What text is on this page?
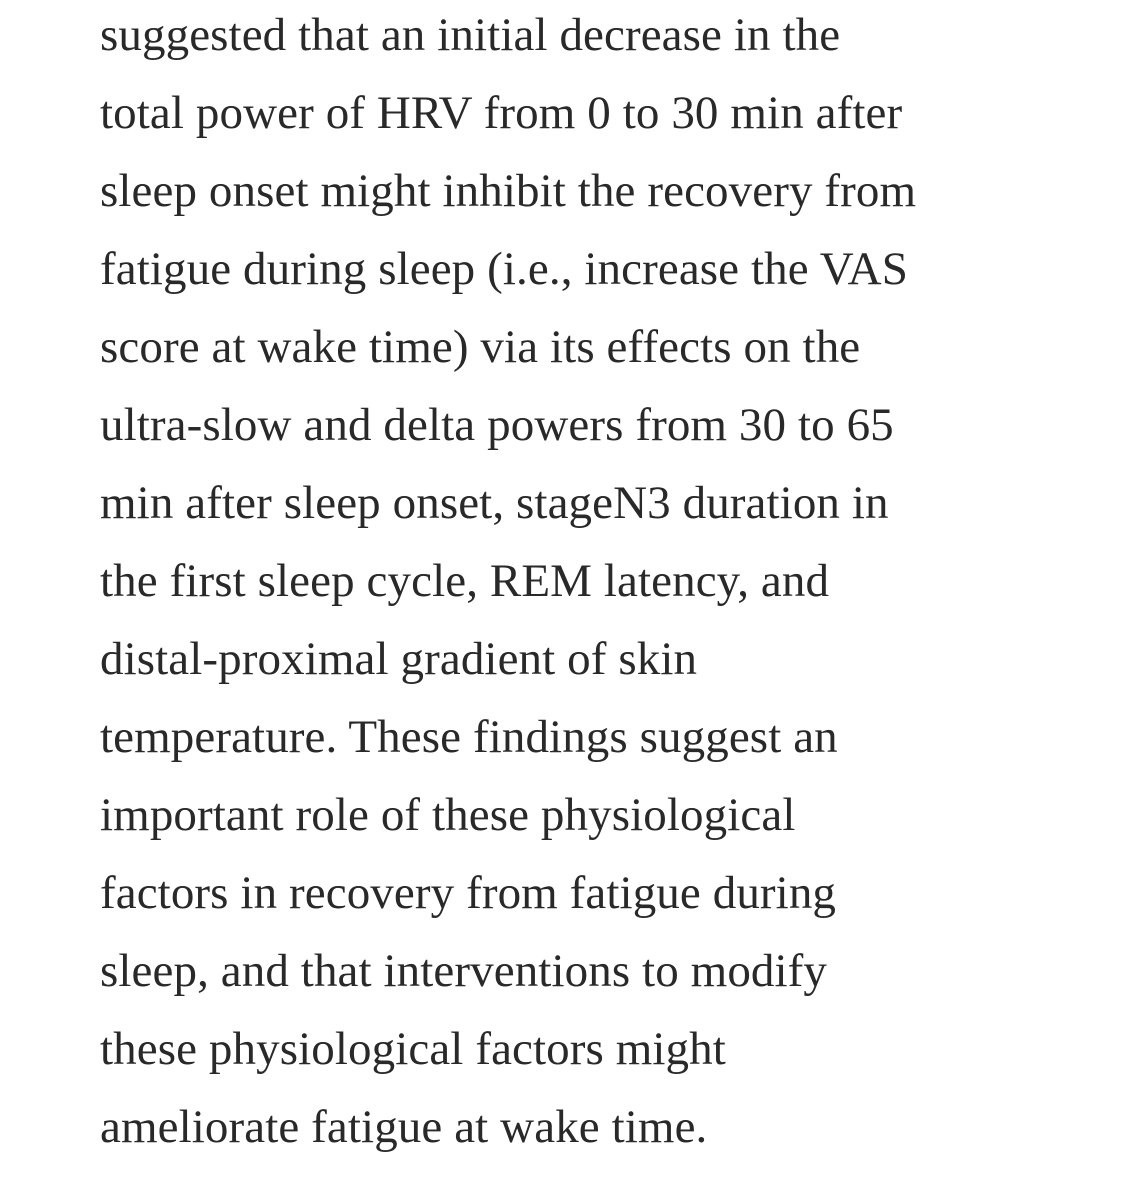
suggested that an initial decrease in the
total power of HRV from 0 to 30 min after
sleep onset might inhibit the recovery from
fatigue during sleep (i.e., increase the VAS
score at wake time) via its effects on the
ultra-slow and delta powers from 30 to 65
min after sleep onset, stageN3 duration in
the first sleep cycle, REM latency, and
distal-proximal gradient of skin
temperature. These findings suggest an
important role of these physiological
factors in recovery from fatigue during
sleep, and that interventions to modify
these physiological factors might
ameliorate fatigue at wake time.
